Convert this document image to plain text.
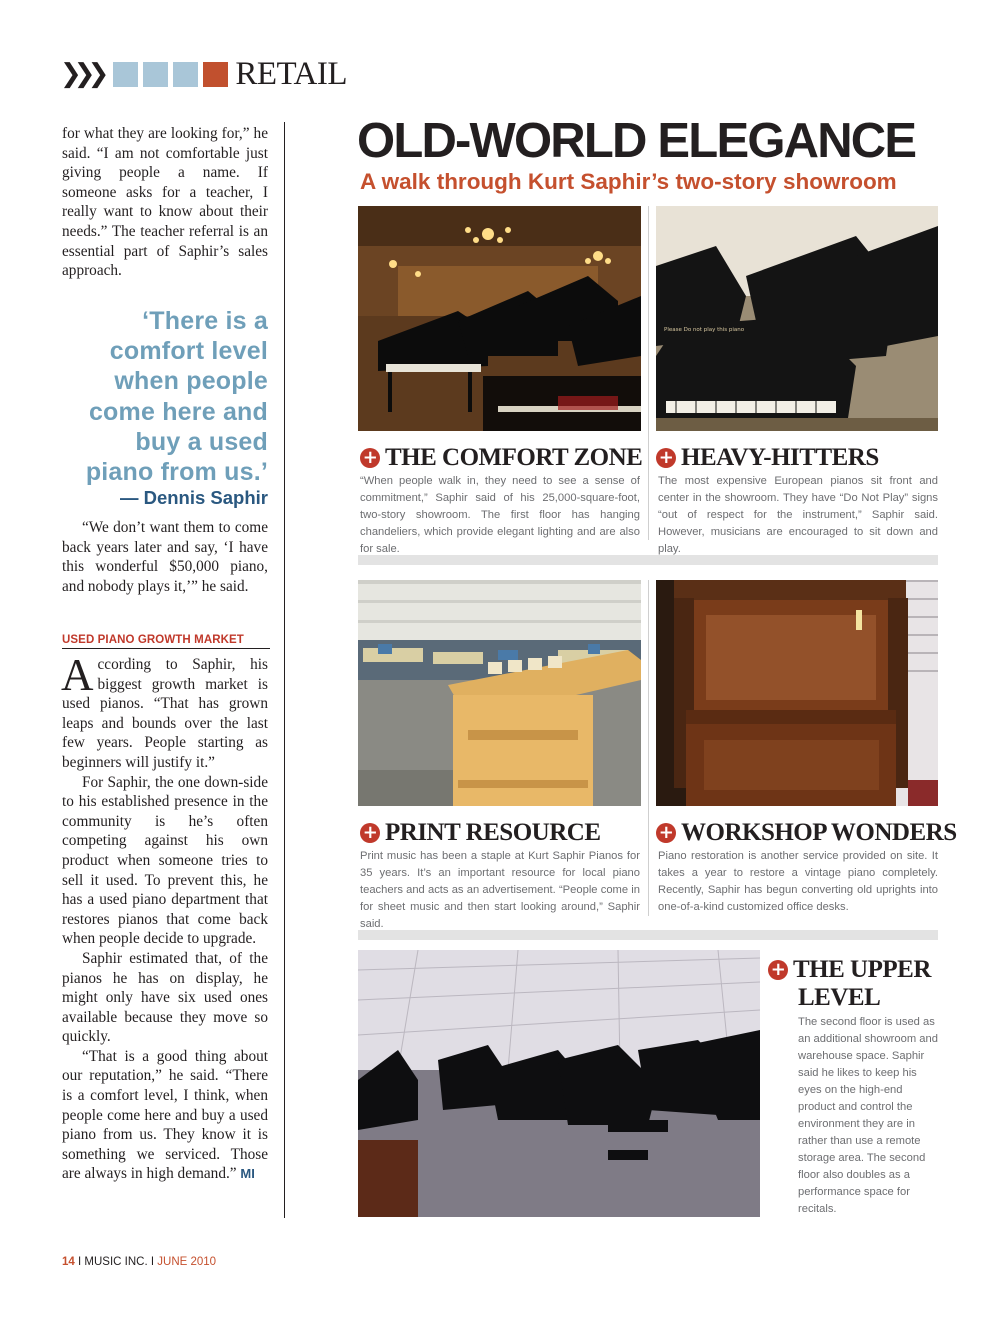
❯❯❯	RETAIL

for what they are looking for,” he said. “I am not comfortable just giving people a name. If someone asks for a teacher, I really want to know about their needs.” The teacher referral is an essential part of Saphir’s sales approach.

‘There is a comfort level when people come here and buy a used piano from us.’
— Dennis Saphir

“We don’t want them to come back years later and say, ‘I have this wonderful $50,000 piano, and nobody plays it,’” he said.

USED PIANO GROWTH MARKET

According to Saphir, his biggest growth market is used pianos. “That has grown leaps and bounds over the last few years. People starting as beginners will justify it.”

For Saphir, the one down-side to his established presence in the community is he’s often competing against his own product when someone tries to sell it used. To prevent this, he has a used piano department that restores pianos that come back when people decide to upgrade.

Saphir estimated that, of the pianos he has on display, he might only have six used ones available because they move so quickly.

“That is a good thing about our reputation,” he said. “There is a comfort level, I think, when people come here and buy a used piano from us. They know it is something we serviced. Those are always in high demand.” MI

OLD-WORLD ELEGANCE
A walk through Kurt Saphir’s two-story showroom
Please Do not play this piano
+ THE COMFORT ZONE

“When people walk in, they need to see a sense of commitment,” Saphir said of his 25,000-square-foot, two-story showroom. The first floor has hanging chandeliers, which provide elegant lighting and are also for sale.

+ HEAVY-HITTERS

The most expensive European pianos sit front and center in the showroom. They have “Do Not Play” signs “out of respect for the instrument,” Saphir said. However, musicians are encouraged to sit down and play.

+ PRINT RESOURCE

Print music has been a staple at Kurt Saphir Pianos for 35 years. It’s an important resource for local piano teachers and acts as an advertisement. “People come in for sheet music and then start looking around,” Saphir said.

+ WORKSHOP WONDERS

Piano restoration is another service provided on site. It takes a year to restore a vintage piano completely. Recently, Saphir has begun converting old uprights into one-of-a-kind customized office desks.

+ THE UPPER
LEVEL

The second floor is used as an additional showroom and warehouse space. Saphir said he likes to keep his eyes on the high-end product and control the environment they are in rather than use a remote storage area. The second floor also doubles as a performance space for recitals.

14 I MUSIC INC. I JUNE 2010
